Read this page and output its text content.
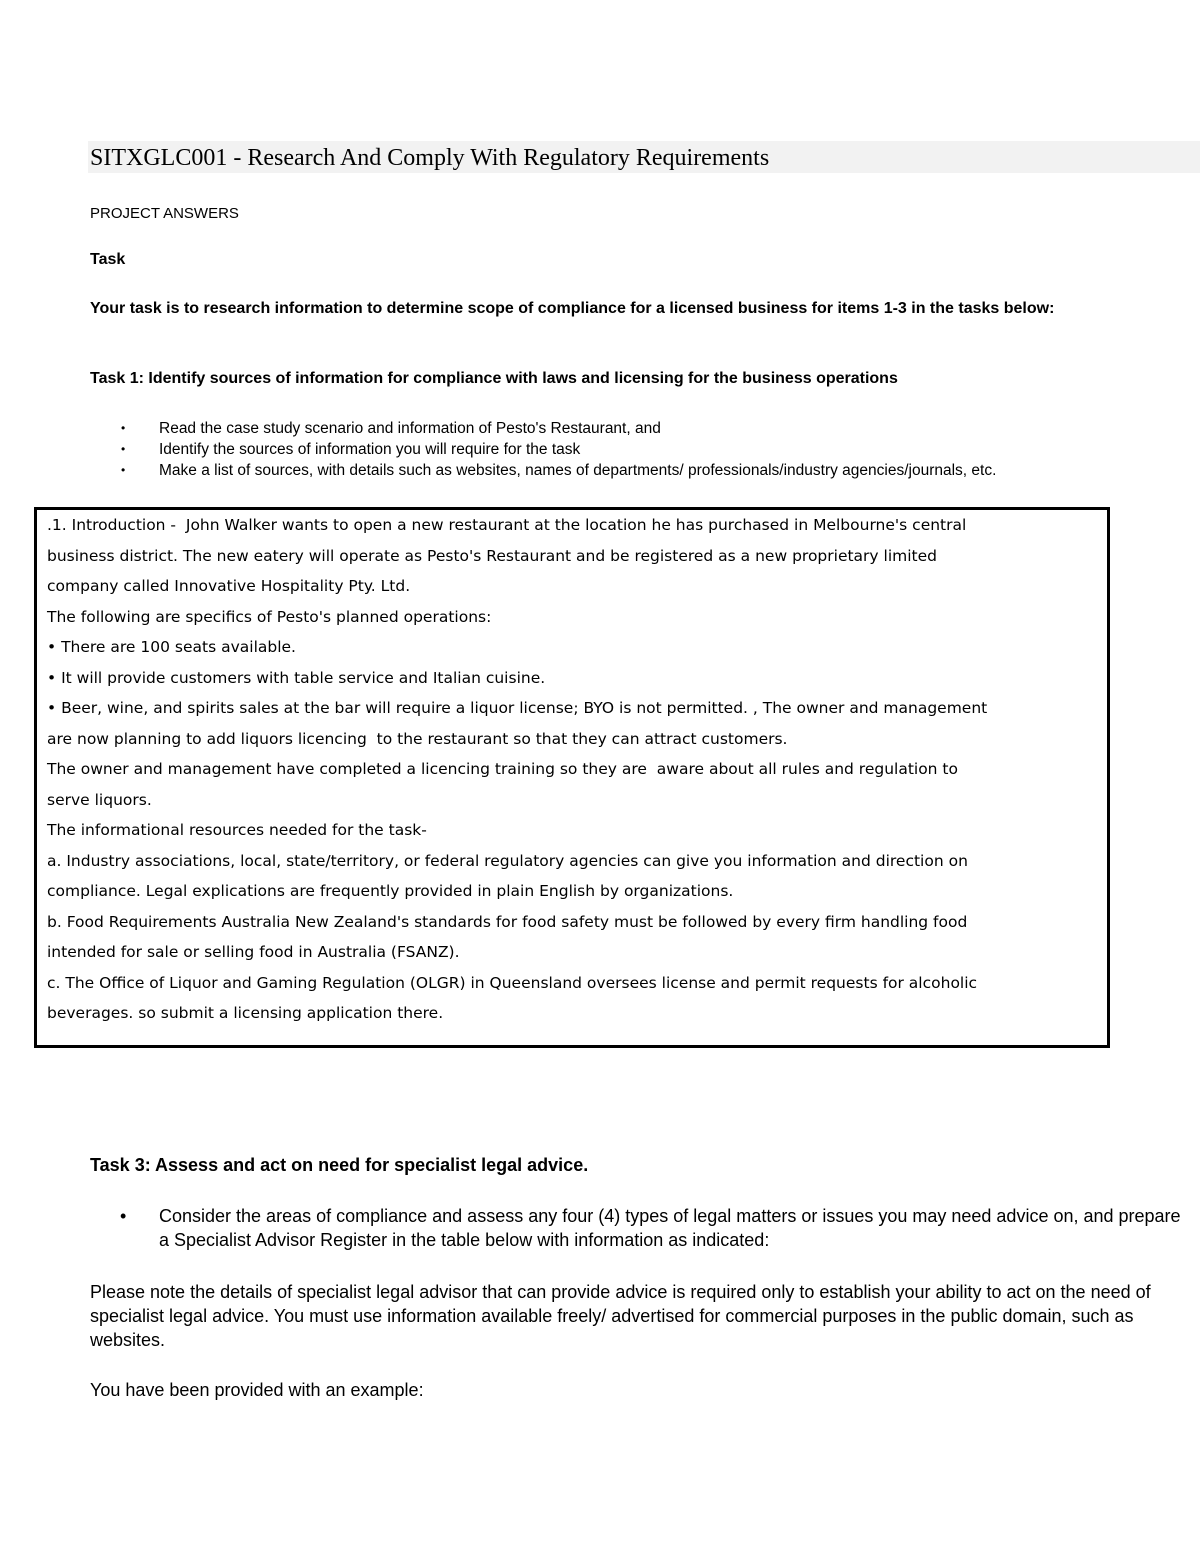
SITXGLC001 - Research And Comply With Regulatory Requirements
PROJECT ANSWERS
Task
Your task is to research information to determine scope of compliance for a licensed business for items 1-3 in the tasks below:
Task 1: Identify sources of information for compliance with laws and licensing for the business operations
• Read the case study scenario and information of Pesto's Restaurant, and
• Identify the sources of information you will require for the task
• Make a list of sources, with details such as websites, names of departments/ professionals/industry agencies/journals, etc.
.1. Introduction -  John Walker wants to open a new restaurant at the location he has purchased in Melbourne's central
business district. The new eatery will operate as Pesto's Restaurant and be registered as a new proprietary limited
company called Innovative Hospitality Pty. Ltd.
The following are specifics of Pesto's planned operations:
• There are 100 seats available.
• It will provide customers with table service and Italian cuisine.
• Beer, wine, and spirits sales at the bar will require a liquor license; BYO is not permitted. , The owner and management
are now planning to add liquors licencing  to the restaurant so that they can attract customers.
The owner and management have completed a licencing training so they are  aware about all rules and regulation to
serve liquors.
The informational resources needed for the task-
a. Industry associations, local, state/territory, or federal regulatory agencies can give you information and direction on
compliance. Legal explications are frequently provided in plain English by organizations.
b. Food Requirements Australia New Zealand's standards for food safety must be followed by every firm handling food
intended for sale or selling food in Australia (FSANZ).
c. The Office of Liquor and Gaming Regulation (OLGR) in Queensland oversees license and permit requests for alcoholic
beverages. so submit a licensing application there.
Task 3: Assess and act on need for specialist legal advice.
• Consider the areas of compliance and assess any four (4) types of legal matters or issues you may need advice on, and prepare a Specialist Advisor Register in the table below with information as indicated:
Please note the details of specialist legal advisor that can provide advice is required only to establish your ability to act on the need of specialist legal advice. You must use information available freely/ advertised for commercial purposes in the public domain, such as websites.
You have been provided with an example:
